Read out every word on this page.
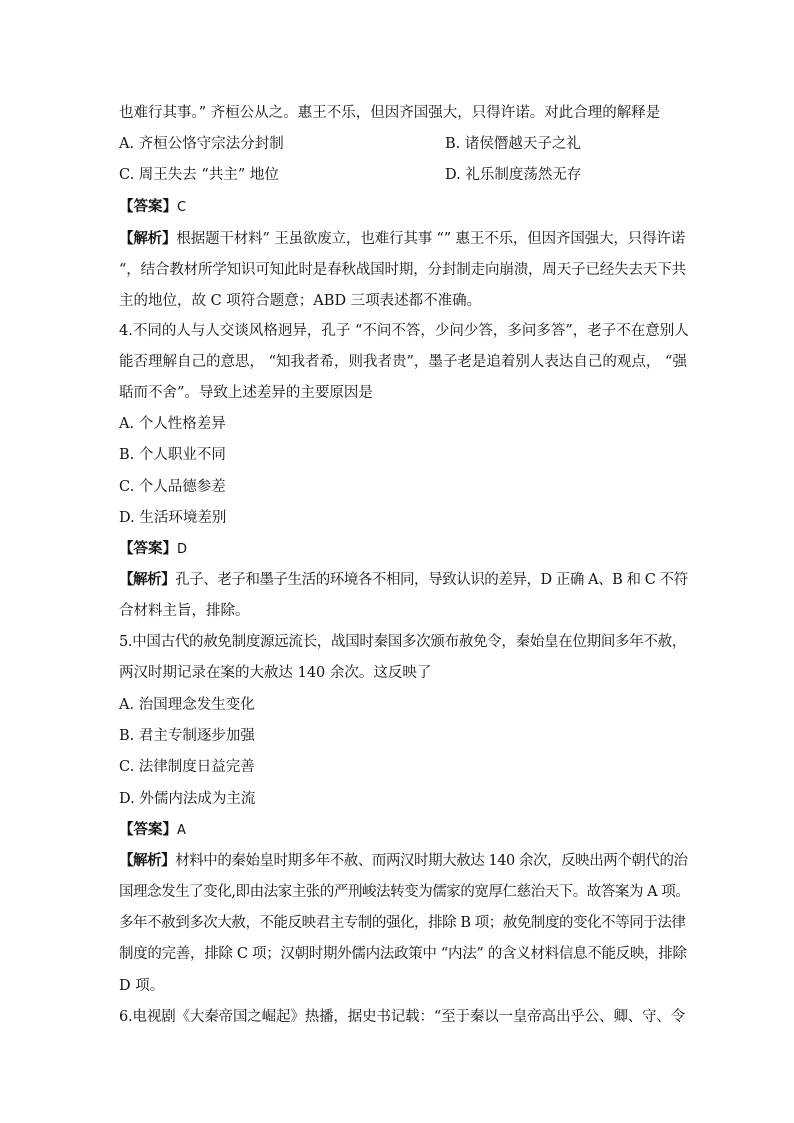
也难行其事。” 齐桓公从之。惠王不乐，但因齐国强大，只得许诺。对此合理的解释是
A. 齐桓公恪守宗法分封制	B. 诸侯僭越天子之礼
C. 周王失去 “共主” 地位	D. 礼乐制度荡然无存
【答案】C
【解析】根据题干材料” 王虽欲废立，也难行其事 “” 惠王不乐，但因齐国强大，只得许诺
“，结合教材所学知识可知此时是春秋战国时期，分封制走向崩溃，周天子已经失去天下共
主的地位，故 C 项符合题意；ABD 三项表述都不准确。
4.不同的人与人交谈风格迥异，孔子 “不问不答，少问少答，多问多答”，老子不在意别人
能否理解自己的意思， “知我者希，则我者贵”，墨子老是追着别人表达自己的观点， “强
聒而不舍”。导致上述差异的主要原因是
A. 个人性格差异
B. 个人职业不同
C. 个人品德参差
D. 生活环境差别
【答案】D
【解析】孔子、老子和墨子生活的环境各不相同，导致认识的差异，D 正确 A、B 和 C 不符
合材料主旨，排除。
5.中国古代的赦免制度源远流长，战国时秦国多次颁布赦免令，秦始皇在位期间多年不赦，
两汉时期记录在案的大赦达 140 余次。这反映了
A. 治国理念发生变化
B. 君主专制逐步加强
C. 法律制度日益完善
D. 外儒内法成为主流
【答案】A
【解析】材料中的秦始皇时期多年不赦、而两汉时期大赦达 140 余次，反映出两个朝代的治
国理念发生了变化,即由法家主张的严刑峻法转变为儒家的宽厚仁慈治天下。故答案为 A 项。
多年不赦到多次大赦，不能反映君主专制的强化，排除 B 项；赦免制度的变化不等同于法律
制度的完善，排除 C 项；汉朝时期外儒内法政策中 “内法” 的含义材料信息不能反映，排除
D 项。
6.电视剧《大秦帝国之崛起》热播，据史书记载：“至于秦以一皇帝高出乎公、卿、守、令
